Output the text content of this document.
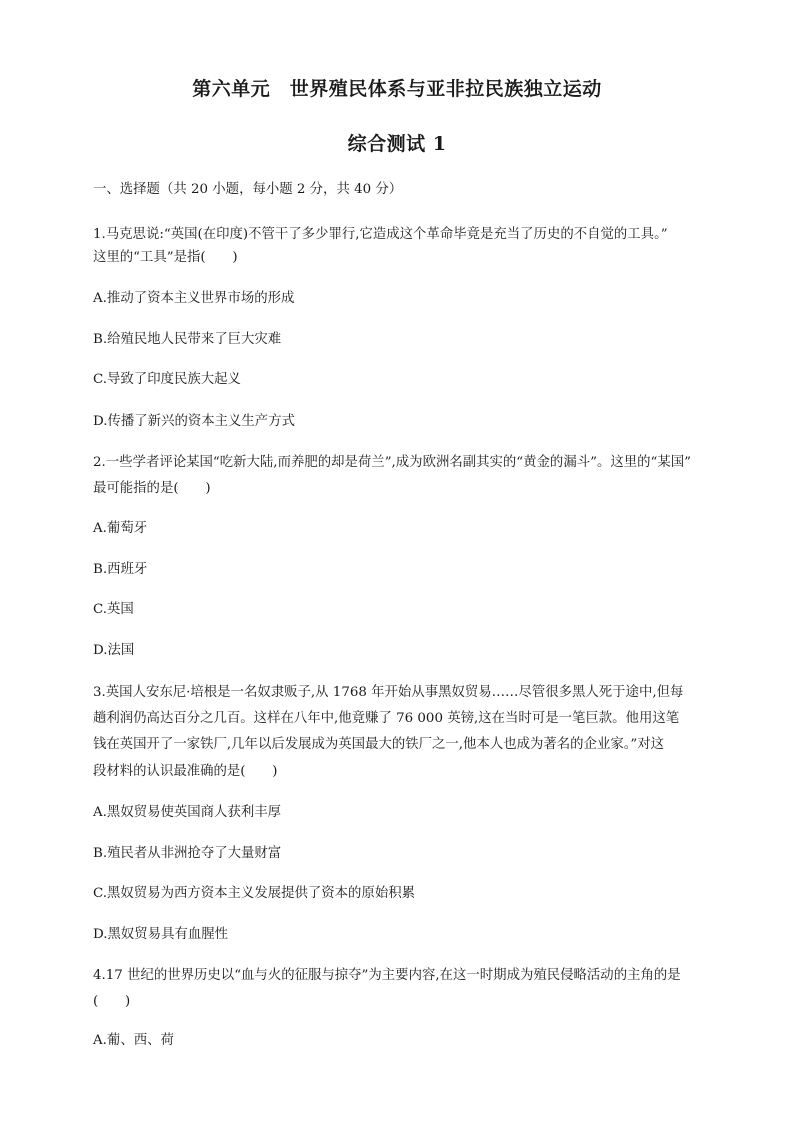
第六单元　世界殖民体系与亚非拉民族独立运动
综合测试 1
一、选择题（共 20 小题，每小题 2 分，共 40 分）
1.马克思说:“英国(在印度)不管干了多少罪行,它造成这个革命毕竟是充当了历史的不自觉的工具。”
这里的“工具”是指(　　)
A.推动了资本主义世界市场的形成
B.给殖民地人民带来了巨大灾难
C.导致了印度民族大起义
D.传播了新兴的资本主义生产方式
2.一些学者评论某国“吃新大陆,而养肥的却是荷兰”,成为欧洲名副其实的“黄金的漏斗”。这里的“某国”
最可能指的是(　　)
A.葡萄牙
B.西班牙
C.英国
D.法国
3.英国人安东尼·培根是一名奴隶贩子,从 1768 年开始从事黑奴贸易……尽管很多黑人死于途中,但每
趟利润仍高达百分之几百。这样在八年中,他竟赚了 76 000 英镑,这在当时可是一笔巨款。他用这笔
钱在英国开了一家铁厂,几年以后发展成为英国最大的铁厂之一,他本人也成为著名的企业家。”对这
段材料的认识最准确的是(　　)
A.黑奴贸易使英国商人获利丰厚
B.殖民者从非洲抢夺了大量财富
C.黑奴贸易为西方资本主义发展提供了资本的原始积累
D.黑奴贸易具有血腥性
4.17 世纪的世界历史以“血与火的征服与掠夺”为主要内容,在这一时期成为殖民侵略活动的主角的是
(　　)
A.葡、西、荷
